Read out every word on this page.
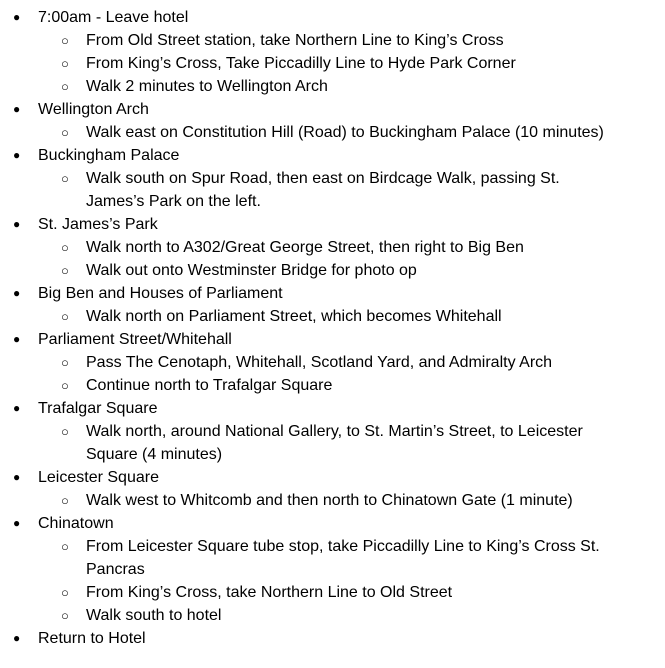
● 7:00am - Leave hotel
○ From Old Street station, take Northern Line to King’s Cross
○ From King’s Cross, Take Piccadilly Line to Hyde Park Corner
○ Walk 2 minutes to Wellington Arch
● Wellington Arch
○ Walk east on Constitution Hill (Road) to Buckingham Palace (10 minutes)
● Buckingham Palace
○ Walk south on Spur Road, then east on Birdcage Walk, passing St. James’s Park on the left.
● St. James’s Park
○ Walk north to A302/Great George Street, then right to Big Ben
○ Walk out onto Westminster Bridge for photo op
● Big Ben and Houses of Parliament
○ Walk north on Parliament Street, which becomes Whitehall
● Parliament Street/Whitehall
○ Pass The Cenotaph, Whitehall, Scotland Yard, and Admiralty Arch
○ Continue north to Trafalgar Square
● Trafalgar Square
○ Walk north, around National Gallery, to St. Martin’s Street, to Leicester Square (4 minutes)
● Leicester Square
○ Walk west to Whitcomb and then north to Chinatown Gate (1 minute)
● Chinatown
○ From Leicester Square tube stop, take Piccadilly Line to King’s Cross St. Pancras
○ From King’s Cross, take Northern Line to Old Street
○ Walk south to hotel
● Return to Hotel
